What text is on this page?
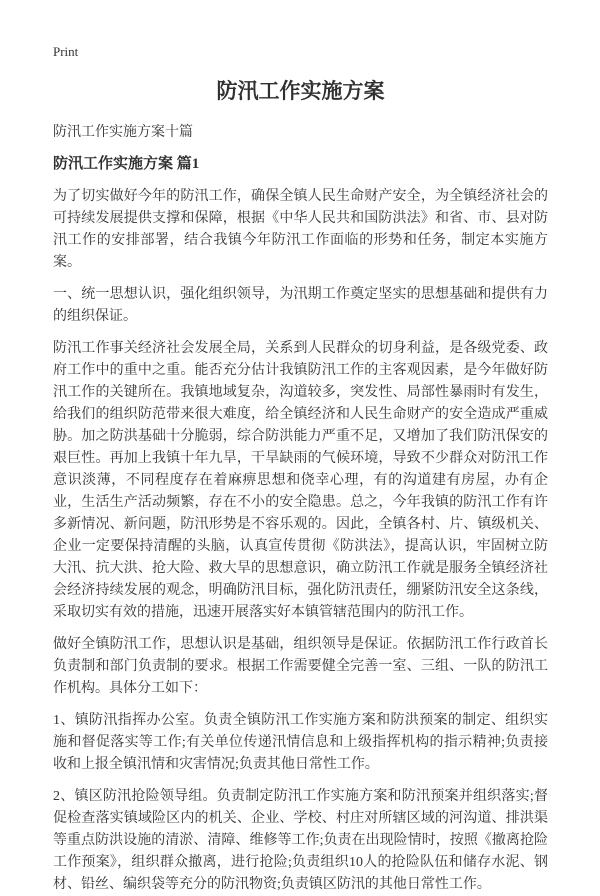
Print
防汛工作实施方案
防汛工作实施方案十篇
防汛工作实施方案 篇1

为了切实做好今年的防汛工作，确保全镇人民生命财产安全，为全镇经济社会的可持续发展提供支撑和保障，根据《中华人民共和国防洪法》和省、市、县对防汛工作的安排部署，结合我镇今年防汛工作面临的形势和任务，制定本实施方案。

一、统一思想认识，强化组织领导，为汛期工作奠定坚实的思想基础和提供有力的组织保证。

防汛工作事关经济社会发展全局，关系到人民群众的切身利益，是各级党委、政府工作中的重中之重。能否充分估计我镇防汛工作的主客观因素，是今年做好防汛工作的关键所在。我镇地域复杂，沟道较多，突发性、局部性暴雨时有发生，给我们的组织防范带来很大难度，给全镇经济和人民生命财产的安全造成严重威胁。加之防洪基础十分脆弱，综合防洪能力严重不足，又增加了我们防汛保安的艰巨性。再加上我镇十年九旱，干旱缺雨的气候环境，导致不少群众对防汛工作意识淡薄，不同程度存在着麻痹思想和侥幸心理，有的沟道建有房屋，办有企业，生活生产活动频繁，存在不小的安全隐患。总之，今年我镇的防汛工作有许多新情况、新问题，防汛形势是不容乐观的。因此，全镇各村、片、镇级机关、企业一定要保持清醒的头脑，认真宣传贯彻《防洪法》，提高认识，牢固树立防大汛、抗大洪、抢大险、救大旱的思想意识，确立防汛工作就是服务全镇经济社会经济持续发展的观念，明确防汛目标，强化防汛责任，绷紧防汛安全这条线，采取切实有效的措施，迅速开展落实好本镇管辖范围内的防汛工作。

做好全镇防汛工作，思想认识是基础，组织领导是保证。依据防汛工作行政首长负责制和部门负责制的要求。根据工作需要健全完善一室、三组、一队的防汛工作机构。具体分工如下：

1、镇防汛指挥办公室。负责全镇防汛工作实施方案和防洪预案的制定、组织实施和督促落实等工作;有关单位传递汛情信息和上级指挥机构的指示精神;负责接收和上报全镇汛情和灾害情况;负责其他日常性工作。

2、镇区防汛抢险领导组。负责制定防汛工作实施方案和防汛预案并组织落实;督促检查落实镇域险区内的机关、企业、学校、村庄对所辖区域的河沟道、排洪渠等重点防洪设施的清淤、清障、维修等工作;负责在出现险情时，按照《撤离抢险工作预案》，组织群众撤离，进行抢险;负责组织10人的抢险队伍和储存水泥、钢材、铅丝、编织袋等充分的防汛物资;负责镇区防汛的其他日常性工作。
